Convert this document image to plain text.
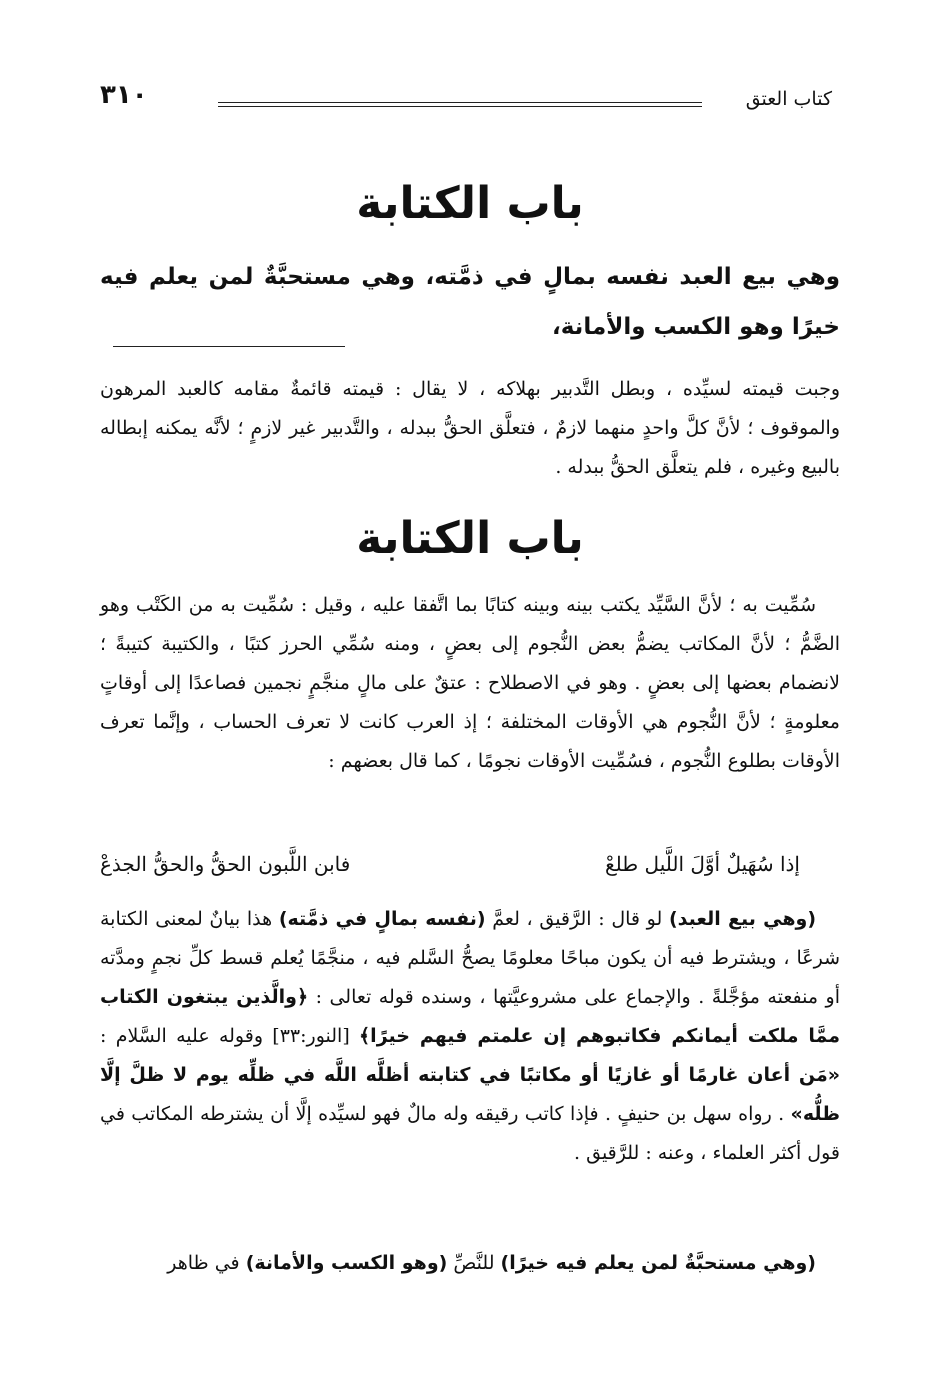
٣١٠	كتاب العتق
باب الكتابة

وهي بيع العبد نفسه بمالٍ في ذمَّته، وهي مستحبَّةٌ لمن يعلم فيه خيرًا وهو الكسب والأمانة،

وجبت قيمته لسيِّده ، وبطل التَّدبير بهلاكه ، لا يقال : قيمته قائمةٌ مقامه كالعبد المرهون والموقوف ؛ لأنَّ كلَّ واحدٍ منهما لازمٌ ، فتعلَّق الحقُّ ببدله ، والتَّدبير غير لازمٍ ؛ لأنَّه يمكنه إبطاله بالبيع وغيره ، فلم يتعلَّق الحقُّ ببدله .

باب الكتابة

سُمِّيت به ؛ لأنَّ السَّيِّد يكتب بينه وبينه كتابًا بما اتَّفقا عليه ، وقيل : سُمِّيت به من الكَتْب وهو الضَّمُّ ؛ لأنَّ المكاتب يضمُّ بعض النُّجوم إلى بعضٍ ، ومنه سُمِّي الحرز كتبًا ، والكتيبة كتيبةً ؛ لانضمام بعضها إلى بعضٍ . وهو في الاصطلاح : عتقٌ على مالٍ منجَّمٍ نجمين فصاعدًا إلى أوقاتٍ معلومةٍ ؛ لأنَّ النُّجوم هي الأوقات المختلفة ؛ إذ العرب كانت لا تعرف الحساب ، وإنَّما تعرف الأوقات بطلوع النُّجوم ، فسُمِّيت الأوقات نجومًا ، كما قال بعضهم :

إذا سُهَيلٌ أوَّلَ اللَّيل طلعْ
فابن اللَّبون الحقُّ والحقُّ الجذعْ

(وهي بيع العبد) لو قال : الرَّقيق ، لعمَّ (نفسه بمالٍ في ذمَّته) هذا بيانٌ لمعنى الكتابة شرعًا ، ويشترط فيه أن يكون مباحًا معلومًا يصحُّ السَّلم فيه ، منجَّمًا يُعلم قسط كلِّ نجمٍ ومدَّته أو منفعته مؤجَّلةً . والإجماع على مشروعيَّتها ، وسنده قوله تعالى : ﴿والَّذين يبتغون الكتاب ممَّا ملكت أيمانكم فكاتبوهم إن علمتم فيهم خيرًا﴾ [النور:٣٣] وقوله عليه السَّلام : «مَن أعان غارمًا أو غازيًا أو مكاتبًا في كتابته أظلَّه اللَّه في ظلِّه يوم لا ظلَّ إلَّا ظلُّه» . رواه سهل بن حنيفٍ . فإذا كاتب رقيقه وله مالٌ فهو لسيِّده إلَّا أن يشترطه المكاتب في قول أكثر العلماء ، وعنه : للرَّقيق .

(وهي مستحبَّةٌ لمن يعلم فيه خيرًا) للنَّصِّ (وهو الكسب والأمانة) في ظاهر
